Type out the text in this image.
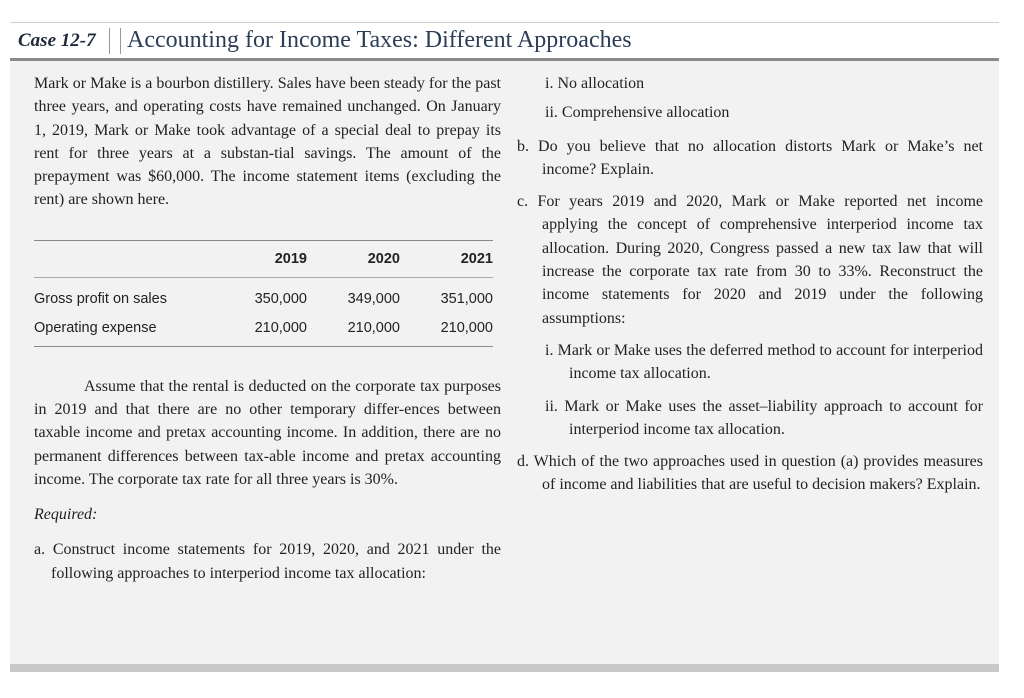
Case 12-7 Accounting for Income Taxes: Different Approaches

Mark or Make is a bourbon distillery. Sales have been steady for the past three years, and operating costs have remained unchanged. On January 1, 2019, Mark or Make took advantage of a special deal to prepay its rent for three years at a substan-tial savings. The amount of the prepayment was $60,000. The income statement items (excluding the rent) are shown here.

	2019	2020	2021
Gross profit on sales	350,000	349,000	351,000
Operating expense	210,000	210,000	210,000

Assume that the rental is deducted on the corporate tax purposes in 2019 and that there are no other temporary differ-ences between taxable income and pretax accounting income. In addition, there are no permanent differences between tax-able income and pretax accounting income. The corporate tax rate for all three years is 30%.

Required:

a. Construct income statements for 2019, 2020, and 2021 under the following approaches to interperiod income tax allocation:

i. No allocation

ii. Comprehensive allocation

b. Do you believe that no allocation distorts Mark or Make’s net income? Explain.

c. For years 2019 and 2020, Mark or Make reported net income applying the concept of comprehensive interperiod income tax allocation. During 2020, Congress passed a new tax law that will increase the corporate tax rate from 30 to 33%. Reconstruct the income statements for 2020 and 2019 under the following assumptions:

i. Mark or Make uses the deferred method to account for interperiod income tax allocation.

ii. Mark or Make uses the asset–liability approach to account for interperiod income tax allocation.

d. Which of the two approaches used in question (a) provides measures of income and liabilities that are useful to decision makers? Explain.
